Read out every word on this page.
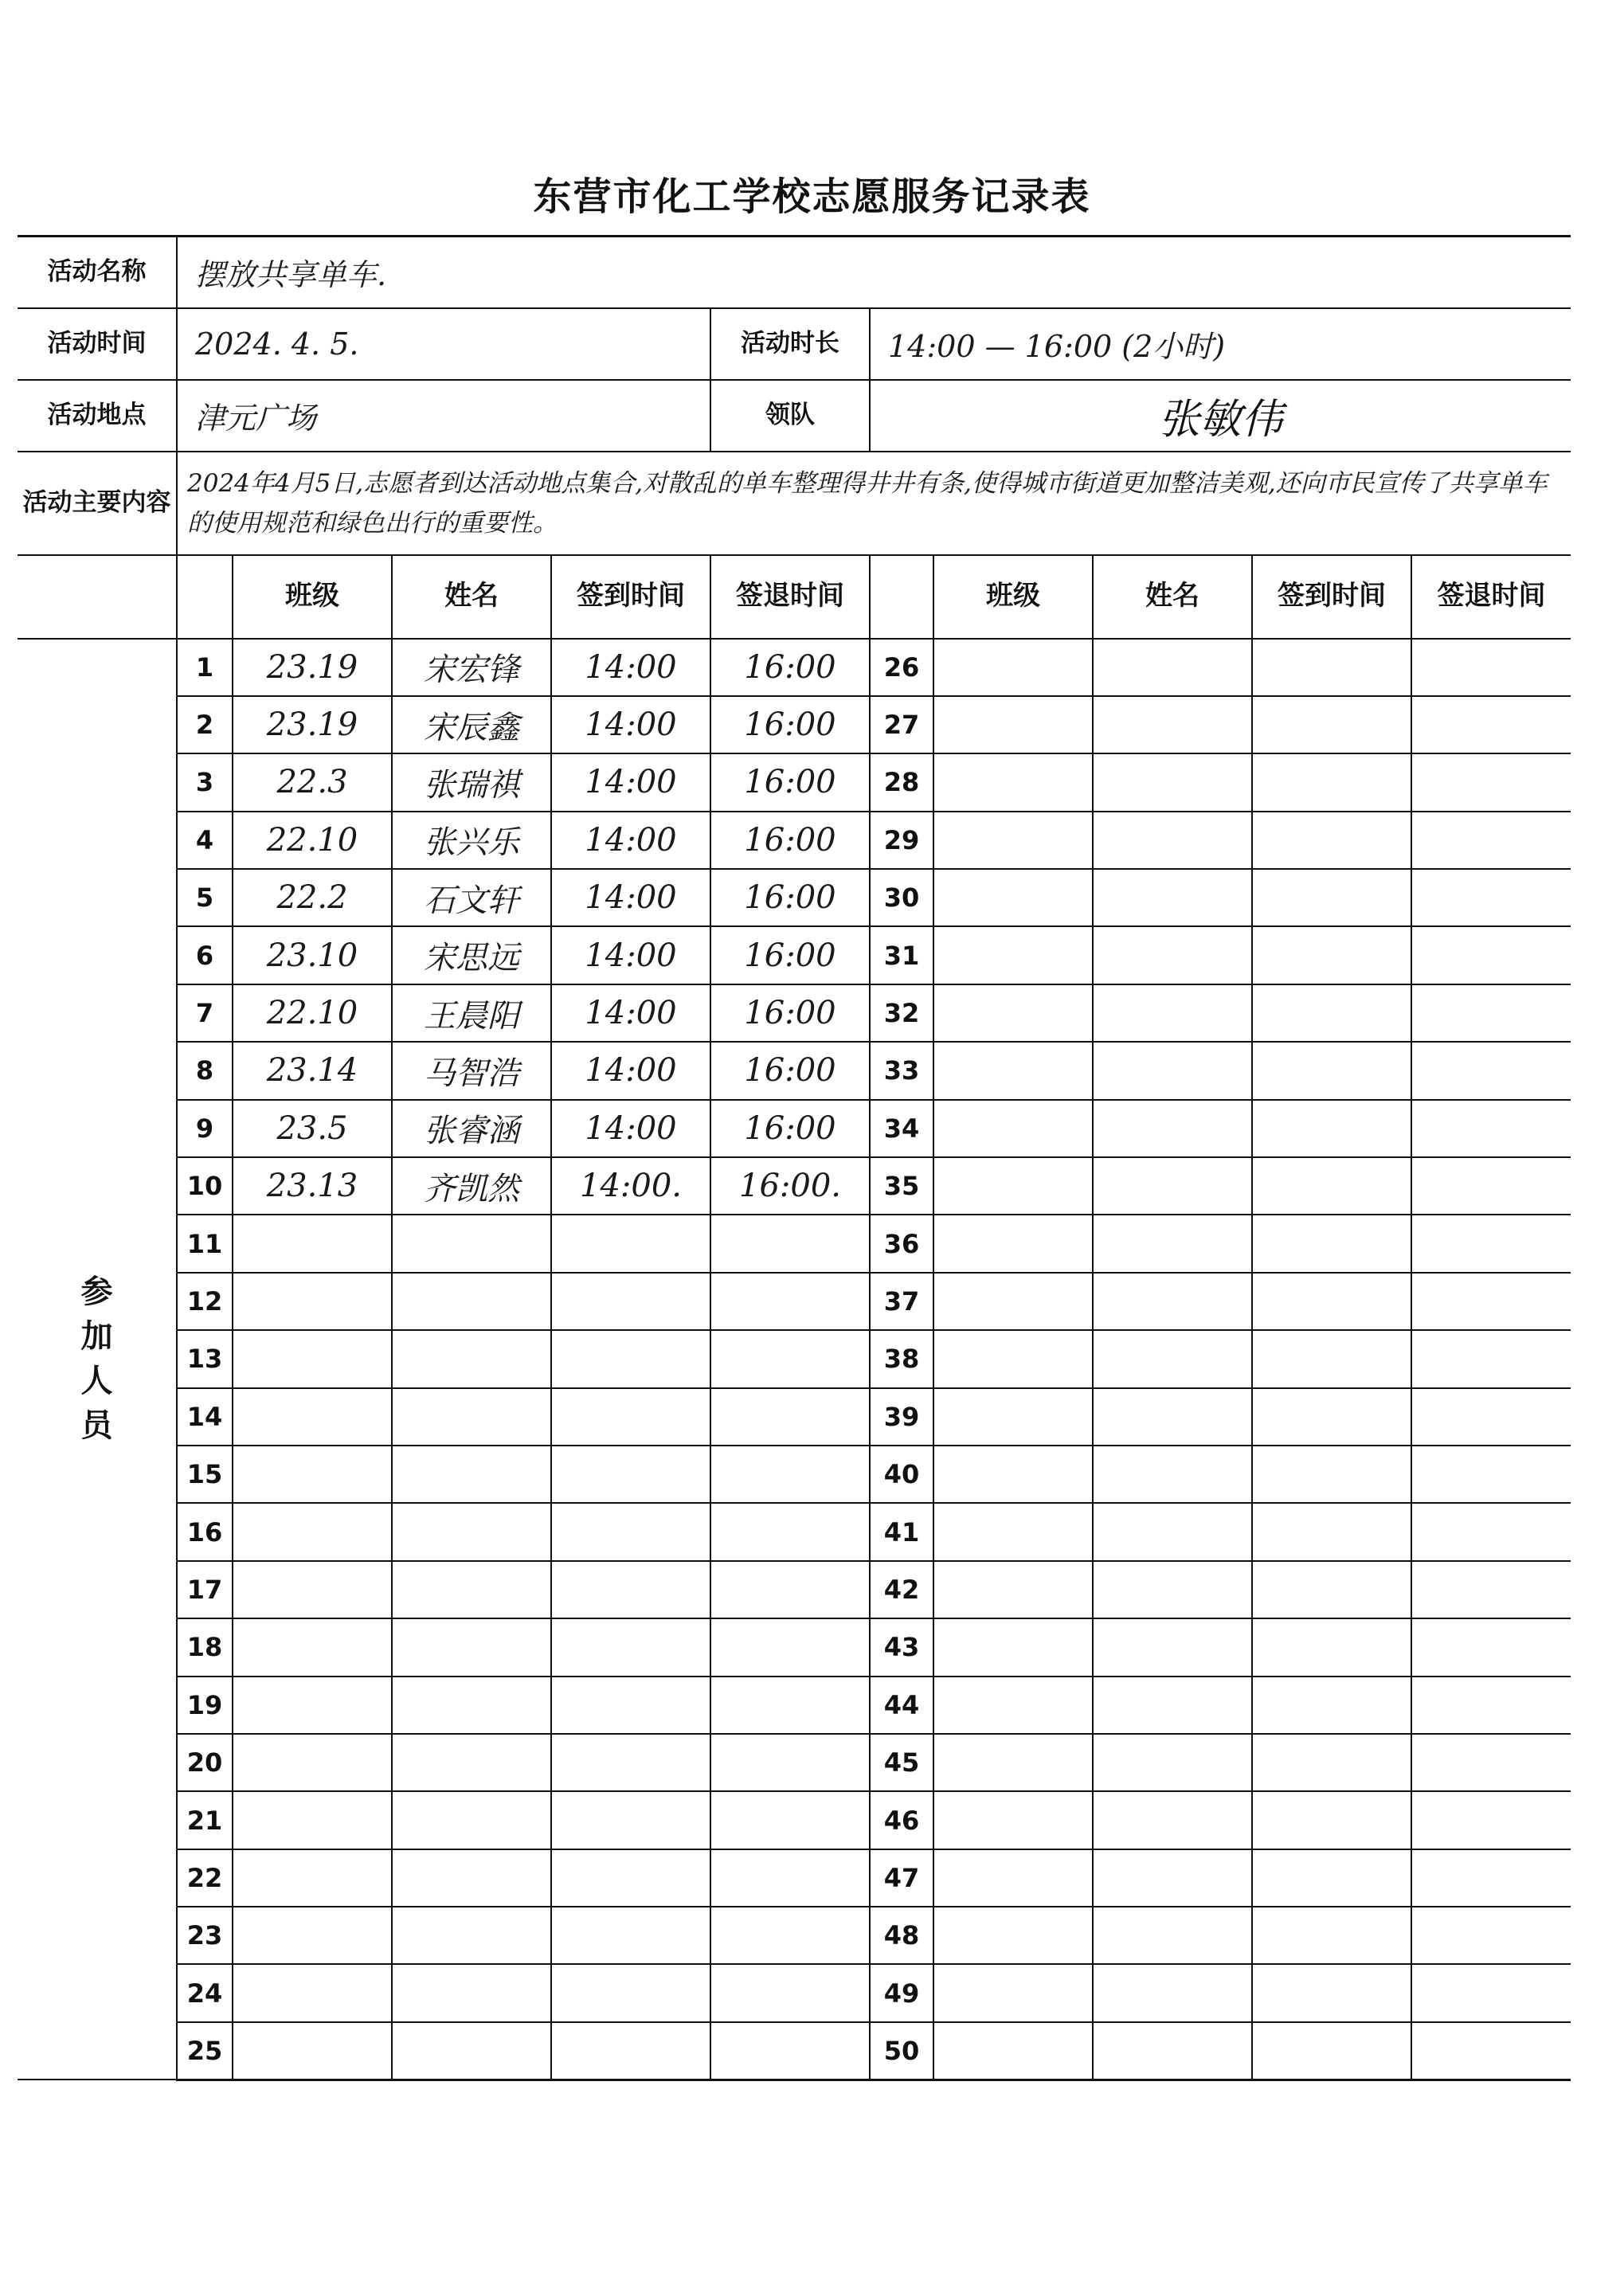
东营市化工学校志愿服务记录表
活动名称	摆放共享单车.									
活动时间	2024. 4. 5.				活动时长	14:00 — 16:00 (2小时)				
活动地点	津元广场				领队	张敏伟				
活动主要内容	2024年4月5日,志愿者到达活动地点集合,对散乱的单车整理得井井有条,使得城市街道更加整洁美观,还向市民宣传了共享单车的使用规范和绿色出行的重要性。									
		班级	姓名	签到时间	签退时间		班级	姓名	签到时间	签退时间

参
加
人
员	1	23.19	宋宏锋	14:00	16:00	26				
	2	23.19	宋辰鑫	14:00	16:00	27				
	3	22.3	张瑞祺	14:00	16:00	28				
	4	22.10	张兴乐	14:00	16:00	29				
	5	22.2	石文轩	14:00	16:00	30				
	6	23.10	宋思远	14:00	16:00	31				
	7	22.10	王晨阳	14:00	16:00	32				
	8	23.14	马智浩	14:00	16:00	33				
	9	23.5	张睿涵	14:00	16:00	34				
	10	23.13	齐凯然	14:00.	16:00.	35				
	11					36				
	12					37				
	13					38				
	14					39				
	15					40				
	16					41				
	17					42				
	18					43				
	19					44				
	20					45				
	21					46				
	22					47				
	23					48				
	24					49				
	25					50				
